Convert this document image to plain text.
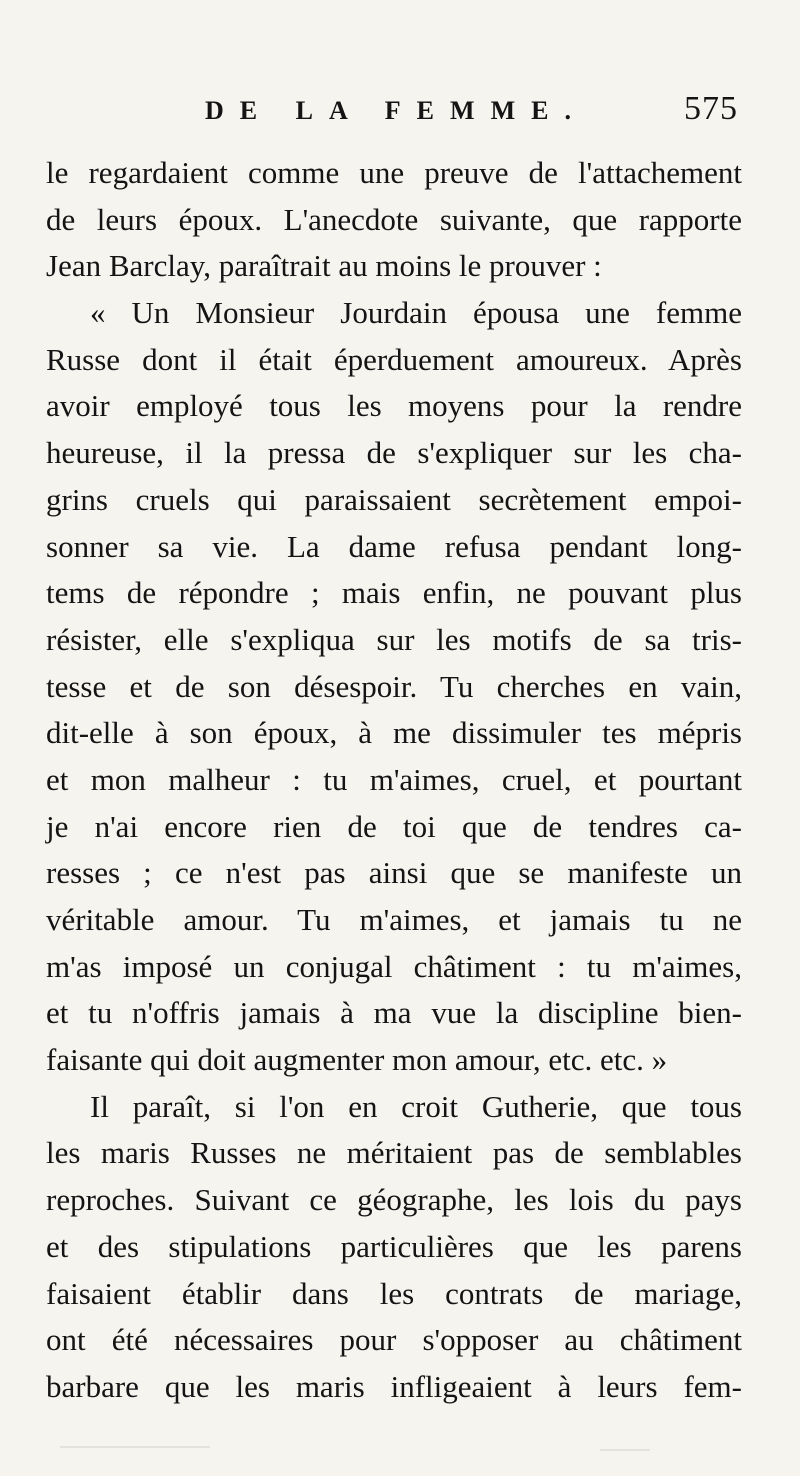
DE LA FEMME.	575
le regardaient comme une preuve de l'attachement
de leurs époux. L'anecdote suivante, que rapporte
Jean Barclay, paraîtrait au moins le prouver :
« Un Monsieur Jourdain épousa une femme
Russe dont il était éperduement amoureux. Après
avoir employé tous les moyens pour la rendre
heureuse, il la pressa de s'expliquer sur les cha-
grins cruels qui paraissaient secrètement empoi-
sonner sa vie. La dame refusa pendant long-
tems de répondre ; mais enfin, ne pouvant plus
résister, elle s'expliqua sur les motifs de sa tris-
tesse et de son désespoir. Tu cherches en vain,
dit-elle à son époux, à me dissimuler tes mépris
et mon malheur : tu m'aimes, cruel, et pourtant
je n'ai encore rien de toi que de tendres ca-
resses ; ce n'est pas ainsi que se manifeste un
véritable amour. Tu m'aimes, et jamais tu ne
m'as imposé un conjugal châtiment : tu m'aimes,
et tu n'offris jamais à ma vue la discipline bien-
faisante qui doit augmenter mon amour, etc. etc. »
Il paraît, si l'on en croit Gutherie, que tous
les maris Russes ne méritaient pas de semblables
reproches. Suivant ce géographe, les lois du pays
et des stipulations particulières que les parens
faisaient établir dans les contrats de mariage,
ont été nécessaires pour s'opposer au châtiment
barbare que les maris infligeaient à leurs fem-
